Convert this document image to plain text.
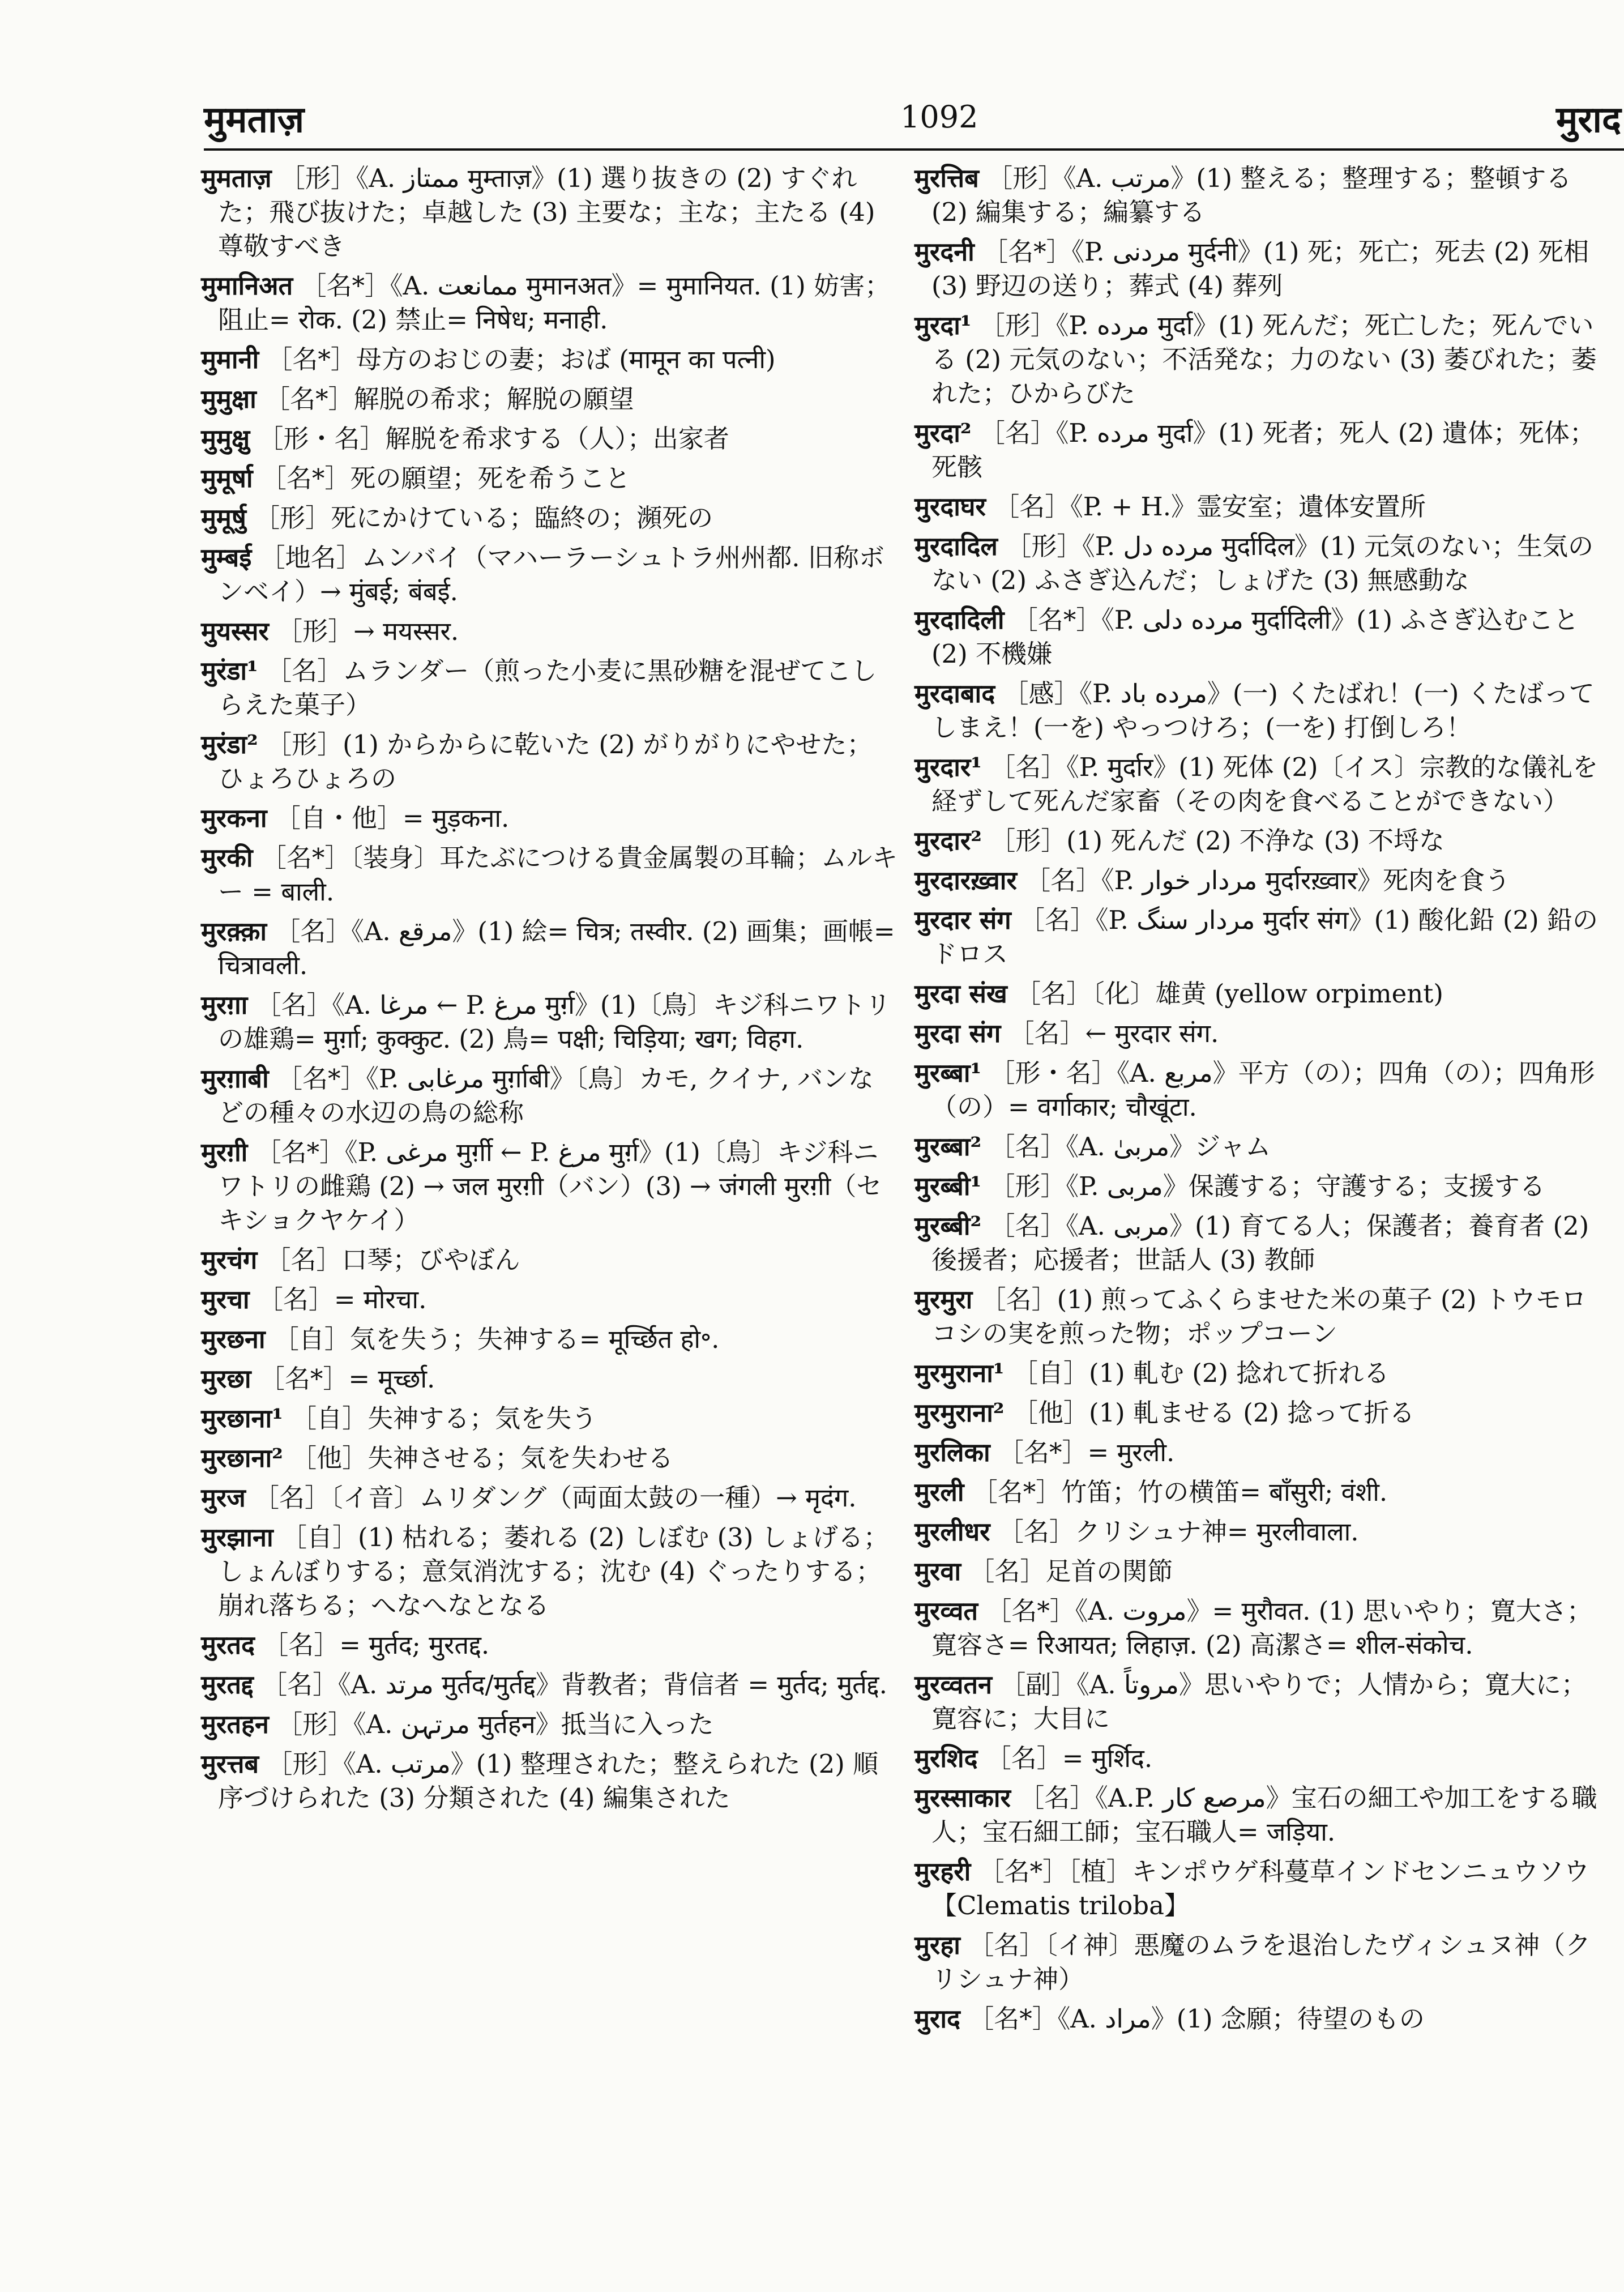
मुमताज़	1092	मुराद
मुमताज़ ［形］《A. ممتاز मुम्ताज़》(1) 選り抜きの (2) すぐれた；飛び抜けた；卓越した (3) 主要な；主な；主たる (4) 尊敬すべき
मुमानिअत ［名*］《A. ممانعت मुमानअत》= मुमानियत. (1) 妨害；阻止= रोक. (2) 禁止= निषेध; मनाही.
मुमानी ［名*］母方のおじの妻；おば (मामून का पत्नी)
मुमुक्षा ［名*］解脱の希求；解脱の願望
मुमुक्षु ［形・名］解脱を希求する（人）；出家者
मुमूर्षा ［名*］死の願望；死を希うこと
मुमूर्षु ［形］死にかけている；臨終の；瀕死の
मुम्बई ［地名］ムンバイ（マハーラーシュトラ州州都. 旧称ボンベイ）→ मुंबई; बंबई.
मुयस्सर ［形］→ मयस्सर.
मुरंडा¹ ［名］ムランダー（煎った小麦に黒砂糖を混ぜてこしらえた菓子）
मुरंडा² ［形］(1) からからに乾いた (2) がりがりにやせた；ひょろひょろの
मुरकना ［自・他］= मुड़कना.
मुरकी ［名*］〔装身〕耳たぶにつける貴金属製の耳輪；ムルキー = बाली.
मुरक़्क़ा ［名］《A. مرقع》(1) 絵= चित्र; तस्वीर. (2) 画集；画帳= चित्रावली.
मुरग़ा ［名］《A. مرغا ← P. مرغ मुर्ग़》(1)〔鳥〕キジ科ニワトリの雄鶏= मुर्ग़ा; कुक्कुट. (2) 鳥= पक्षी; चिड़िया; खग; विहग.
मुरग़ाबी ［名*］《P. مرغابی मुर्ग़ाबी》〔鳥〕カモ, クイナ, バンなどの種々の水辺の鳥の総称
मुरग़ी ［名*］《P. مرغی मुर्ग़ी ← P. مرغ मुर्ग़》(1)〔鳥〕キジ科ニワトリの雌鶏 (2) → जल मुरग़ी（バン）(3) → जंगली मुरग़ी（セキショクヤケイ）
मुरचंग ［名］口琴；びやぼん
मुरचा ［名］= मोरचा.
मुरछना ［自］気を失う；失神する= मूर्च्छित हो॰.
मुरछा ［名*］= मूर्च्छा.
मुरछाना¹ ［自］失神する；気を失う
मुरछाना² ［他］失神させる；気を失わせる
मुरज ［名］〔イ音〕ムリダング（両面太鼓の一種）→ मृदंग.
मुरझाना ［自］(1) 枯れる；萎れる (2) しぼむ (3) しょげる；しょんぼりする；意気消沈する；沈む (4) ぐったりする；崩れ落ちる；へなへなとなる
मुरतद ［名］= मुर्तद; मुरतद्द.
मुरतद्द ［名］《A. مرتد मुर्तद/मुर्तद्द》背教者；背信者 = मुर्तद; मुर्तद्द.
मुरतहन ［形］《A. مرتہن मुर्तहन》抵当に入った
मुरत्तब ［形］《A. مرتب》(1) 整理された；整えられた (2) 順序づけられた (3) 分類された (4) 編集された
मुरत्तिब ［形］《A. مرتب》(1) 整える；整理する；整頓する (2) 編集する；編纂する
मुरदनी ［名*］《P. مردنی मुर्दनी》(1) 死；死亡；死去 (2) 死相 (3) 野辺の送り；葬式 (4) 葬列
मुरदा¹ ［形］《P. مرده मुर्दा》(1) 死んだ；死亡した；死んでいる (2) 元気のない；不活発な；力のない (3) 萎びれた；萎れた；ひからびた
मुरदा² ［名］《P. مرده मुर्दा》(1) 死者；死人 (2) 遺体；死体；死骸
मुरदाघर ［名］《P. + H.》霊安室；遺体安置所
मुरदादिल ［形］《P. مرده دل मुर्दादिल》(1) 元気のない；生気のない (2) ふさぎ込んだ；しょげた (3) 無感動な
मुरदादिली ［名*］《P. مرده دلی मुर्दादिली》(1) ふさぎ込むこと (2) 不機嫌
मुरदाबाद ［感］《P. مرده باد》(一) くたばれ！(一) くたばってしまえ！(一を) やっつけろ；(一を) 打倒しろ！
मुरदार¹ ［名］《P. मुर्दार》(1) 死体 (2)〔イス〕宗教的な儀礼を経ずして死んだ家畜（その肉を食べることができない）
मुरदार² ［形］(1) 死んだ (2) 不浄な (3) 不埒な
मुरदारख़्वार ［名］《P. مردار خوار मुर्दारख़्वार》死肉を食う
मुरदार संग ［名］《P. مردار سنگ मुर्दार संग》(1) 酸化鉛 (2) 鉛のドロス
मुरदा संख ［名］〔化〕雄黄 (yellow orpiment)
मुरदा संग ［名］← मुरदार संग.
मुरब्बा¹ ［形・名］《A. مربع》平方（の）；四角（の）；四角形（の）= वर्गाकार; चौखूंटा.
मुरब्बा² ［名］《A. مربیٰ》ジャム
मुरब्बी¹ ［形］《P. مربی》保護する；守護する；支援する
मुरब्बी² ［名］《A. مربی》(1) 育てる人；保護者；養育者 (2) 後援者；応援者；世話人 (3) 教師
मुरमुरा ［名］(1) 煎ってふくらませた米の菓子 (2) トウモロコシの実を煎った物；ポップコーン
मुरमुराना¹ ［自］(1) 軋む (2) 捻れて折れる
मुरमुराना² ［他］(1) 軋ませる (2) 捻って折る
मुरलिका ［名*］= मुरली.
मुरली ［名*］竹笛；竹の横笛= बाँसुरी; वंशी.
मुरलीधर ［名］クリシュナ神= मुरलीवाला.
मुरवा ［名］足首の関節
मुरव्वत ［名*］《A. مروت》= मुरौवत. (1) 思いやり；寛大さ；寛容さ= रिआयत; लिहाज़. (2) 高潔さ= शील-संकोच.
मुरव्वतन ［副］《A. مروتاً》思いやりで；人情から；寛大に；寛容に；大目に
मुरशिद ［名］= मुर्शिद.
मुरस्साकार ［名］《A.P. مرصع کار》宝石の細工や加工をする職人；宝石細工師；宝石職人= जड़िया.
मुरहरी ［名*］［植］キンポウゲ科蔓草インドセンニュウソウ【Clematis triloba】
मुरहा ［名］〔イ神〕悪魔のムラを退治したヴィシュヌ神（クリシュナ神）
मुराद ［名*］《A. مراد》(1) 念願；待望のもの
